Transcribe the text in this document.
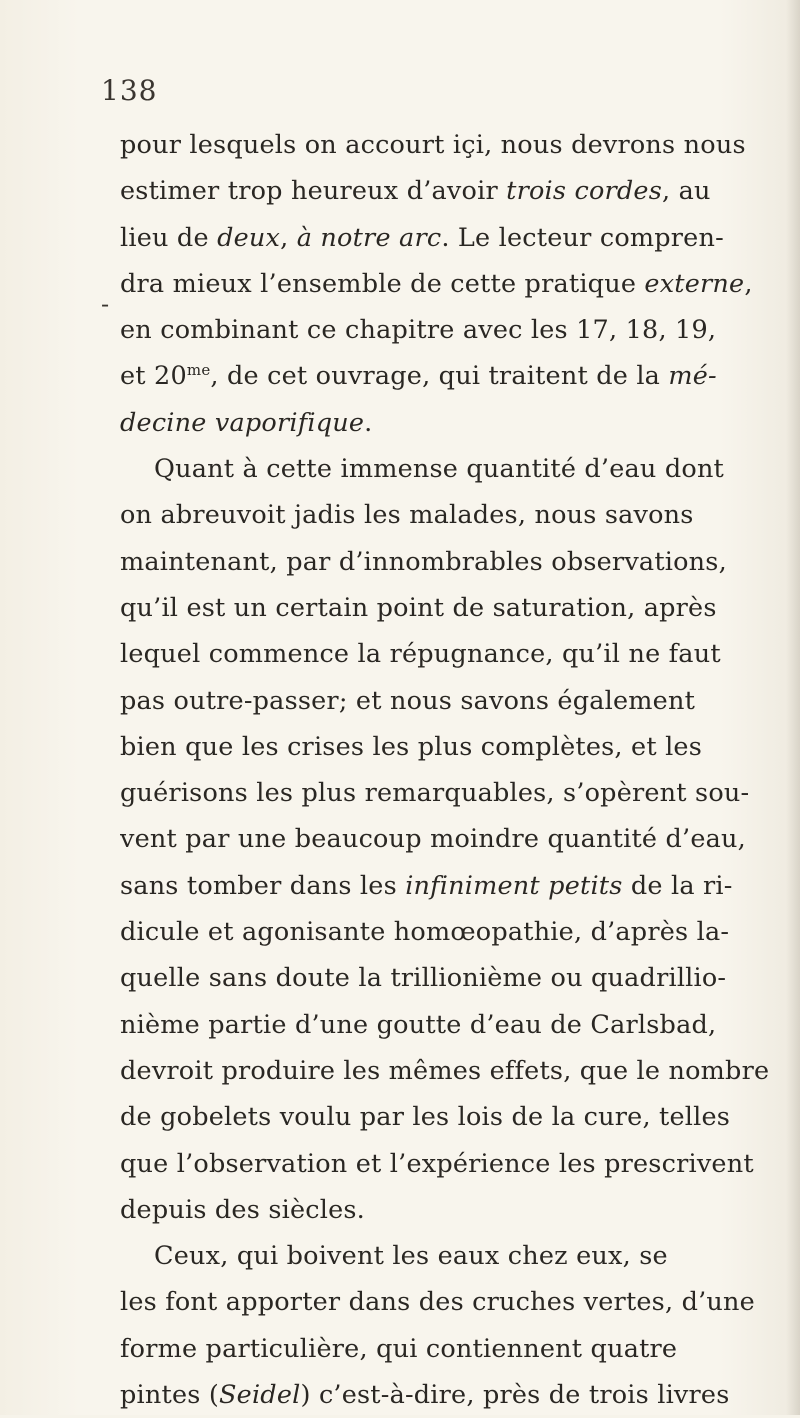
138
-
pour lesquels on accourt içi, nous devrons nous
estimer trop heureux d’avoir trois cordes, au
lieu de deux, à notre arc. Le lecteur compren-
dra mieux l’ensemble de cette pratique externe,
en combinant ce chapitre avec les 17, 18, 19,
et $20^{me}$, de cet ouvrage, qui traitent de la mé-
decine vaporifique.
Quant à cette immense quantité d’eau dont
on abreuvoit jadis les malades, nous savons
maintenant, par d’innombrables observations,
qu’il est un certain point de saturation, après
lequel commence la répugnance, qu’il ne faut
pas outre-passer; et nous savons également
bien que les crises les plus complètes, et les
guérisons les plus remarquables, s’opèrent sou-
vent par une beaucoup moindre quantité d’eau,
sans tomber dans les infiniment petits de la ri-
dicule et agonisante homœopathie, d’après la-
quelle sans doute la trillionième ou quadrillio-
nième partie d’une goutte d’eau de Carlsbad,
devroit produire les mêmes effets, que le nombre
de gobelets voulu par les lois de la cure, telles
que l’observation et l’expérience les prescrivent
depuis des siècles.
Ceux, qui boivent les eaux chez eux, se
les font apporter dans des cruches vertes, d’une
forme particulière, qui contiennent quatre
pintes (Seidel) c’est-à-dire, près de trois livres
